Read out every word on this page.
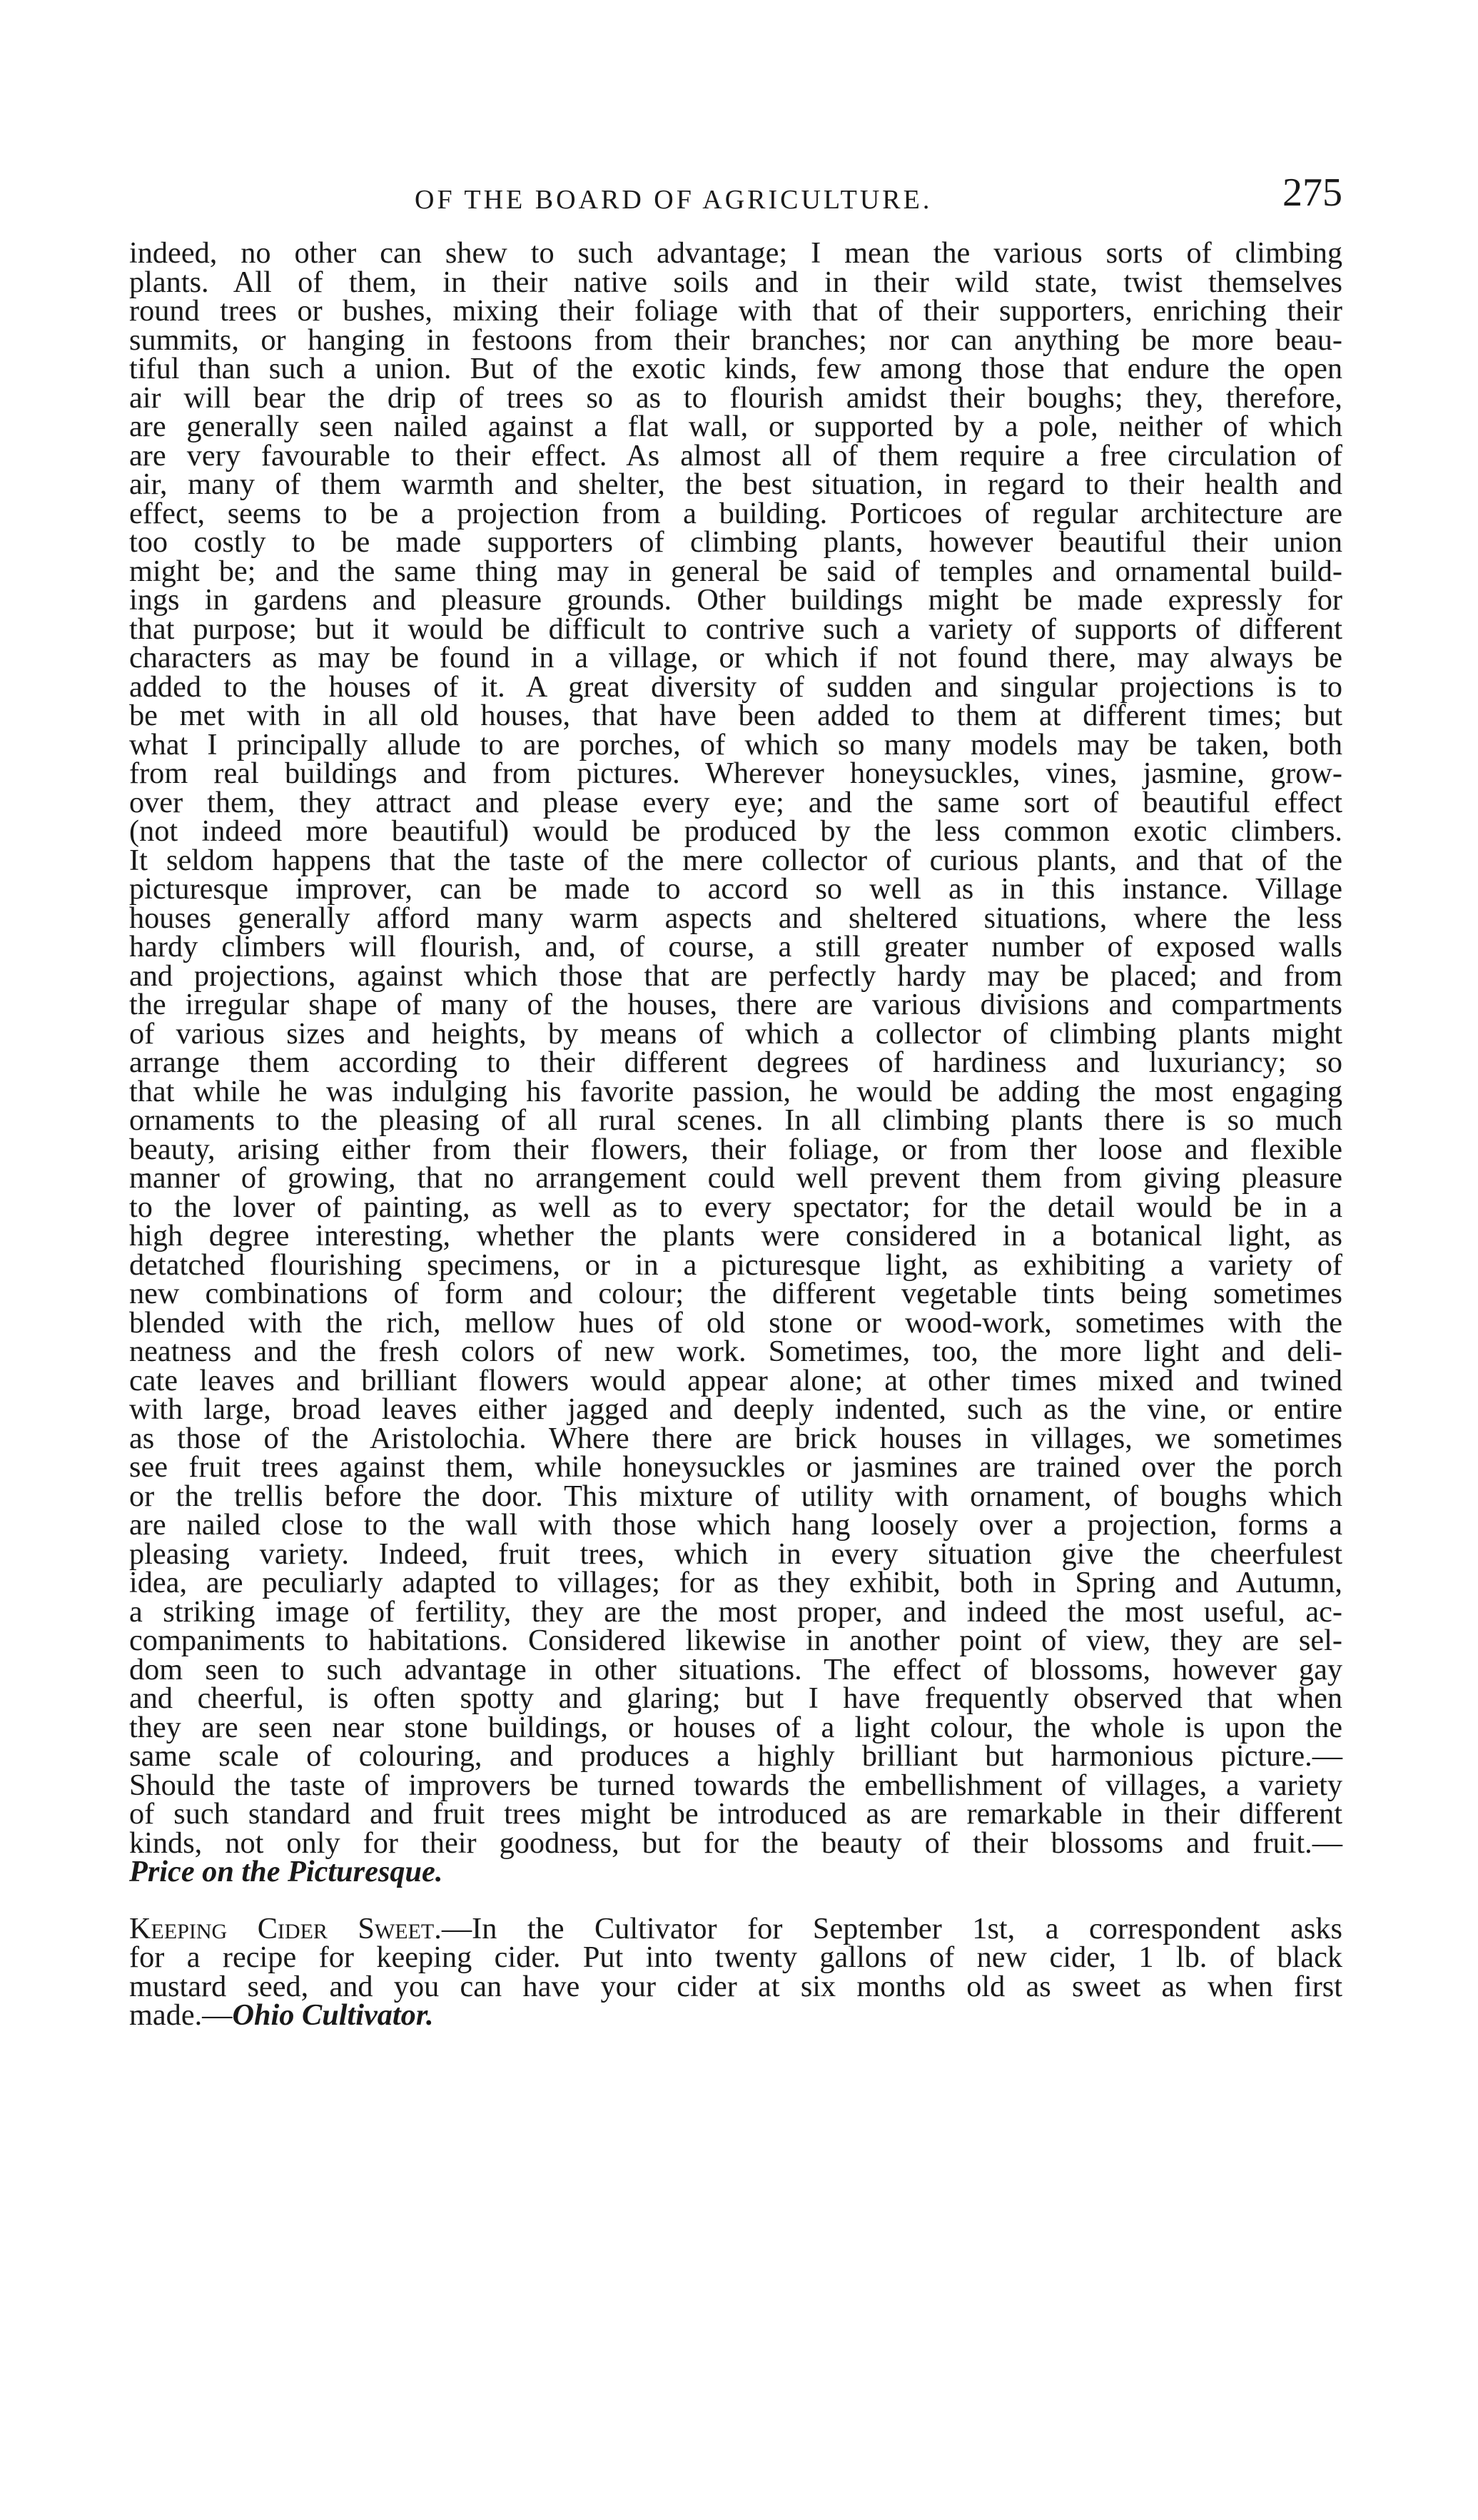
OF THE BOARD OF AGRICULTURE.	275

indeed, no other can shew to such advantage; I mean the various sorts of climbing
plants. All of them, in their native soils and in their wild state, twist themselves
round trees or bushes, mixing their foliage with that of their supporters, enriching their
summits, or hanging in festoons from their branches; nor can anything be more beau-
tiful than such a union. But of the exotic kinds, few among those that endure the open
air will bear the drip of trees so as to flourish amidst their boughs; they, therefore,
are generally seen nailed against a flat wall, or supported by a pole, neither of which
are very favourable to their effect. As almost all of them require a free circulation of
air, many of them warmth and shelter, the best situation, in regard to their health and
effect, seems to be a projection from a building. Porticoes of regular architecture are
too costly to be made supporters of climbing plants, however beautiful their union
might be; and the same thing may in general be said of temples and ornamental build-
ings in gardens and pleasure grounds. Other buildings might be made expressly for
that purpose; but it would be difficult to contrive such a variety of supports of different
characters as may be found in a village, or which if not found there, may always be
added to the houses of it. A great diversity of sudden and singular projections is to
be met with in all old houses, that have been added to them at different times; but
what I principally allude to are porches, of which so many models may be taken, both
from real buildings and from pictures. Wherever honeysuckles, vines, jasmine, grow-
over them, they attract and please every eye; and the same sort of beautiful effect
(not indeed more beautiful) would be produced by the less common exotic climbers.
It seldom happens that the taste of the mere collector of curious plants, and that of the
picturesque improver, can be made to accord so well as in this instance. Village
houses generally afford many warm aspects and sheltered situations, where the less
hardy climbers will flourish, and, of course, a still greater number of exposed walls
and projections, against which those that are perfectly hardy may be placed; and from
the irregular shape of many of the houses, there are various divisions and compartments
of various sizes and heights, by means of which a collector of climbing plants might
arrange them according to their different degrees of hardiness and luxuriancy; so
that while he was indulging his favorite passion, he would be adding the most engaging
ornaments to the pleasing of all rural scenes. In all climbing plants there is so much
beauty, arising either from their flowers, their foliage, or from ther loose and flexible
manner of growing, that no arrangement could well prevent them from giving pleasure
to the lover of painting, as well as to every spectator; for the detail would be in a
high degree interesting, whether the plants were considered in a botanical light, as
detatched flourishing specimens, or in a picturesque light, as exhibiting a variety of
new combinations of form and colour; the different vegetable tints being sometimes
blended with the rich, mellow hues of old stone or wood-work, sometimes with the
neatness and the fresh colors of new work. Sometimes, too, the more light and deli-
cate leaves and brilliant flowers would appear alone; at other times mixed and twined
with large, broad leaves either jagged and deeply indented, such as the vine, or entire
as those of the Aristolochia. Where there are brick houses in villages, we sometimes
see fruit trees against them, while honeysuckles or jasmines are trained over the porch
or the trellis before the door. This mixture of utility with ornament, of boughs which
are nailed close to the wall with those which hang loosely over a projection, forms a
pleasing variety. Indeed, fruit trees, which in every situation give the cheerfulest
idea, are peculiarly adapted to villages; for as they exhibit, both in Spring and Autumn,
a striking image of fertility, they are the most proper, and indeed the most useful, ac-
companiments to habitations. Considered likewise in another point of view, they are sel-
dom seen to such advantage in other situations. The effect of blossoms, however gay
and cheerful, is often spotty and glaring; but I have frequently observed that when
they are seen near stone buildings, or houses of a light colour, the whole is upon the
same scale of colouring, and produces a highly brilliant but harmonious picture.—
Should the taste of improvers be turned towards the embellishment of villages, a variety
of such standard and fruit trees might be introduced as are remarkable in their different
kinds, not only for their goodness, but for the beauty of their blossoms and fruit.—
Price on the Picturesque.

Keeping Cider Sweet.—In the Cultivator for September 1st, a correspondent asks
for a recipe for keeping cider. Put into twenty gallons of new cider, 1 lb. of black
mustard seed, and you can have your cider at six months old as sweet as when first
made.—Ohio Cultivator.
